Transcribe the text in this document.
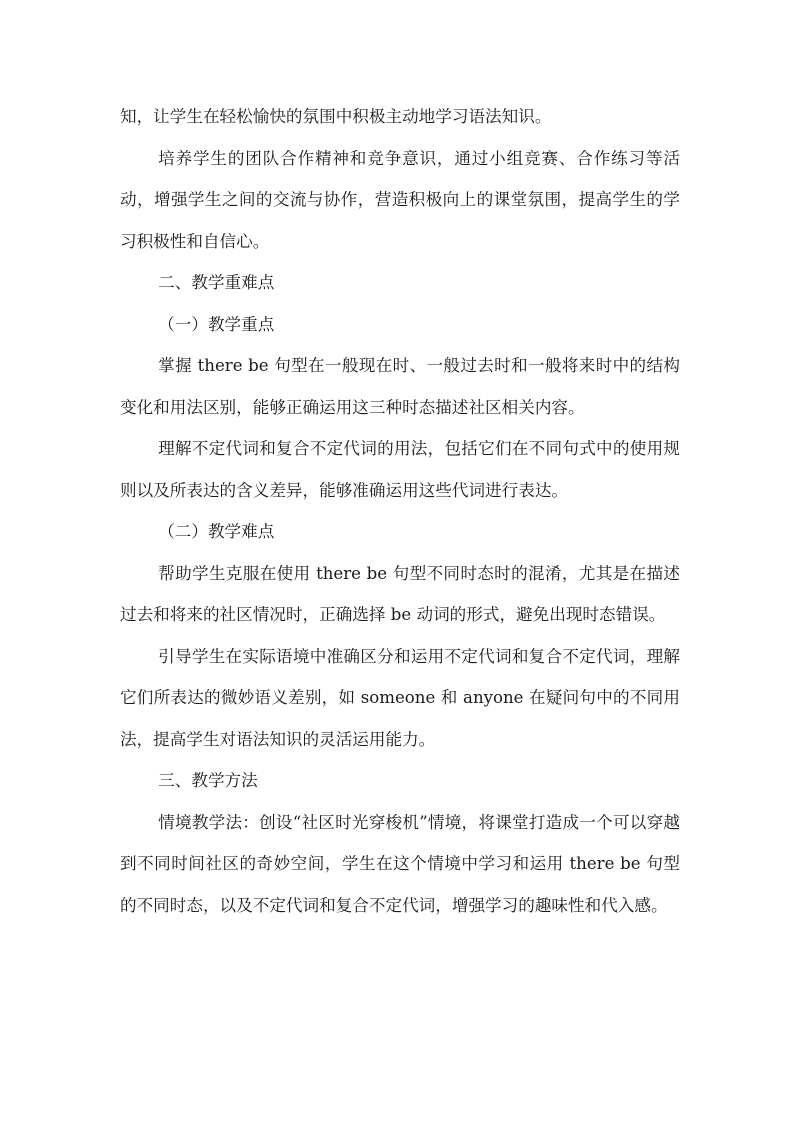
知，让学生在轻松愉快的氛围中积极主动地学习语法知识。

培养学生的团队合作精神和竞争意识，通过小组竞赛、合作练习等活动，增强学生之间的交流与协作，营造积极向上的课堂氛围，提高学生的学习积极性和自信心。

二、教学重难点

（一）教学重点

掌握 there be 句型在一般现在时、一般过去时和一般将来时中的结构变化和用法区别，能够正确运用这三种时态描述社区相关内容。

理解不定代词和复合不定代词的用法，包括它们在不同句式中的使用规则以及所表达的含义差异，能够准确运用这些代词进行表达。

（二）教学难点

帮助学生克服在使用 there be 句型不同时态时的混淆，尤其是在描述过去和将来的社区情况时，正确选择 be 动词的形式，避免出现时态错误。

引导学生在实际语境中准确区分和运用不定代词和复合不定代词，理解它们所表达的微妙语义差别，如 someone 和 anyone 在疑问句中的不同用法，提高学生对语法知识的灵活运用能力。

三、教学方法

情境教学法：创设“社区时光穿梭机”情境，将课堂打造成一个可以穿越到不同时间社区的奇妙空间，学生在这个情境中学习和运用 there be 句型的不同时态，以及不定代词和复合不定代词，增强学习的趣味性和代入感。
